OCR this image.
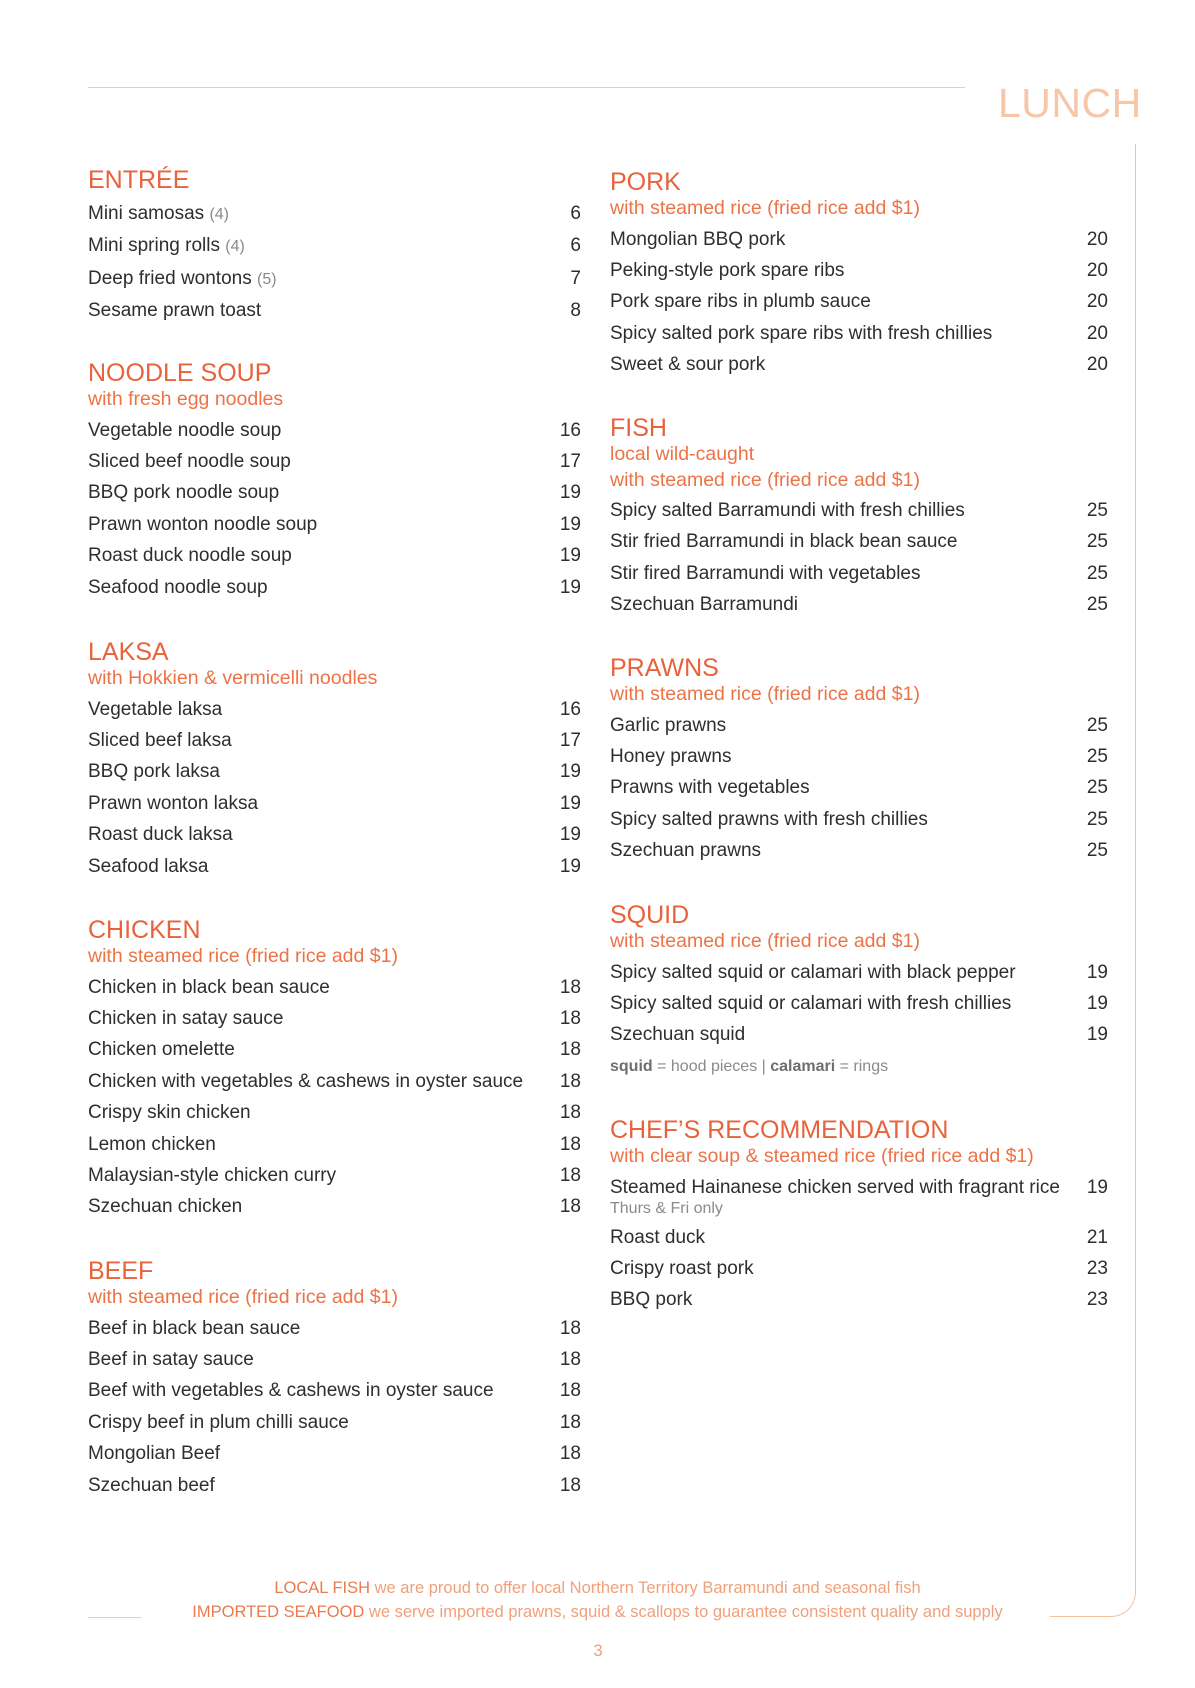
LUNCH
ENTRÉE
Mini samosas (4)	6
Mini spring rolls (4)	6
Deep fried wontons (5)	7
Sesame prawn toast	8
NOODLE SOUP
with fresh egg noodles
Vegetable noodle soup	16
Sliced beef noodle soup	17
BBQ pork noodle soup	19
Prawn wonton noodle soup	19
Roast duck noodle soup	19
Seafood noodle soup	19
LAKSA
with Hokkien & vermicelli noodles
Vegetable laksa	16
Sliced beef laksa	17
BBQ pork laksa	19
Prawn wonton laksa	19
Roast duck laksa	19
Seafood laksa	19
CHICKEN
with steamed rice (fried rice add $1)
Chicken in black bean sauce	18
Chicken in satay sauce	18
Chicken omelette	18
Chicken with vegetables & cashews in oyster sauce 18
Crispy skin chicken	18
Lemon chicken	18
Malaysian-style chicken curry	18
Szechuan chicken	18
BEEF
with steamed rice (fried rice add $1)
Beef in black bean sauce	18
Beef in satay sauce	18
Beef with vegetables & cashews in oyster sauce	18
Crispy beef in plum chilli sauce	18
Mongolian Beef	18
Szechuan beef	18
PORK
with steamed rice (fried rice add $1)
Mongolian BBQ pork	20
Peking-style pork spare ribs	20
Pork spare ribs in plumb sauce	20
Spicy salted pork spare ribs with fresh chillies	20
Sweet & sour pork	20
FISH
local wild-caught
with steamed rice (fried rice add $1)
Spicy salted Barramundi with fresh chillies	25
Stir fried Barramundi in black bean sauce	25
Stir fired Barramundi with vegetables	25
Szechuan Barramundi	25
PRAWNS
with steamed rice (fried rice add $1)
Garlic prawns	25
Honey prawns	25
Prawns with vegetables	25
Spicy salted prawns with fresh chillies	25
Szechuan prawns	25
SQUID
with steamed rice (fried rice add $1)
Spicy salted squid or calamari with black pepper	19
Spicy salted squid or calamari with fresh chillies	19
Szechuan squid	19
squid = hood pieces | calamari = rings
CHEF’S RECOMMENDATION
with clear soup & steamed rice (fried rice add $1)
Steamed Hainanese chicken served with fragrant rice 19
Thurs & Fri only
Roast duck	21
Crispy roast pork	23
BBQ pork	23
LOCAL FISH we are proud to offer local Northern Territory Barramundi and seasonal fish
IMPORTED SEAFOOD we serve imported prawns, squid & scallops to guarantee consistent quality and supply
3
